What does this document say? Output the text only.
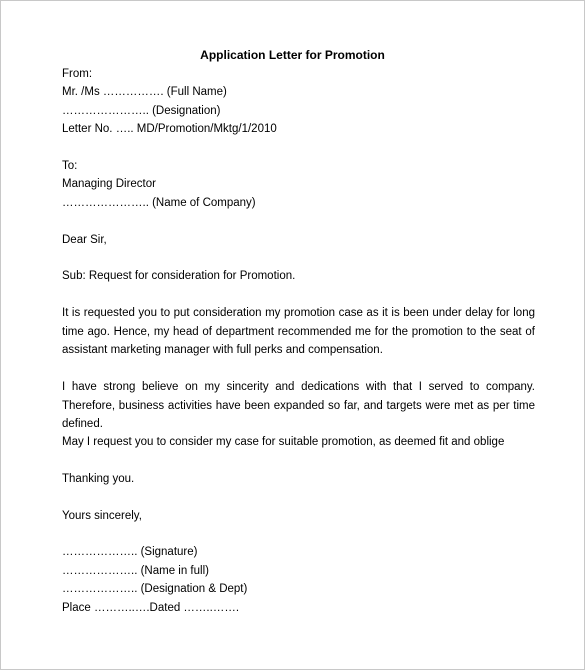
Application Letter for Promotion
From:
Mr. /Ms ……………. (Full Name)
………………….. (Designation)
Letter No. ….. MD/Promotion/Mktg/1/2010
To:
Managing Director
………………….. (Name of Company)
Dear Sir,
Sub: Request for consideration for Promotion.
It is requested you to put consideration my promotion case as it is been under delay for long time ago. Hence, my head of department recommended me for the promotion to the seat of assistant marketing manager with full perks and compensation.
I have strong believe on my sincerity and dedications with that I served to company. Therefore, business activities have been expanded so far, and targets were met as per time defined.
May I request you to consider my case for suitable promotion, as deemed fit and oblige
Thanking you.
Yours sincerely,
……………….. (Signature)
……………….. (Name in full)
……………….. (Designation & Dept)
Place ………..….Dated ……..…….
